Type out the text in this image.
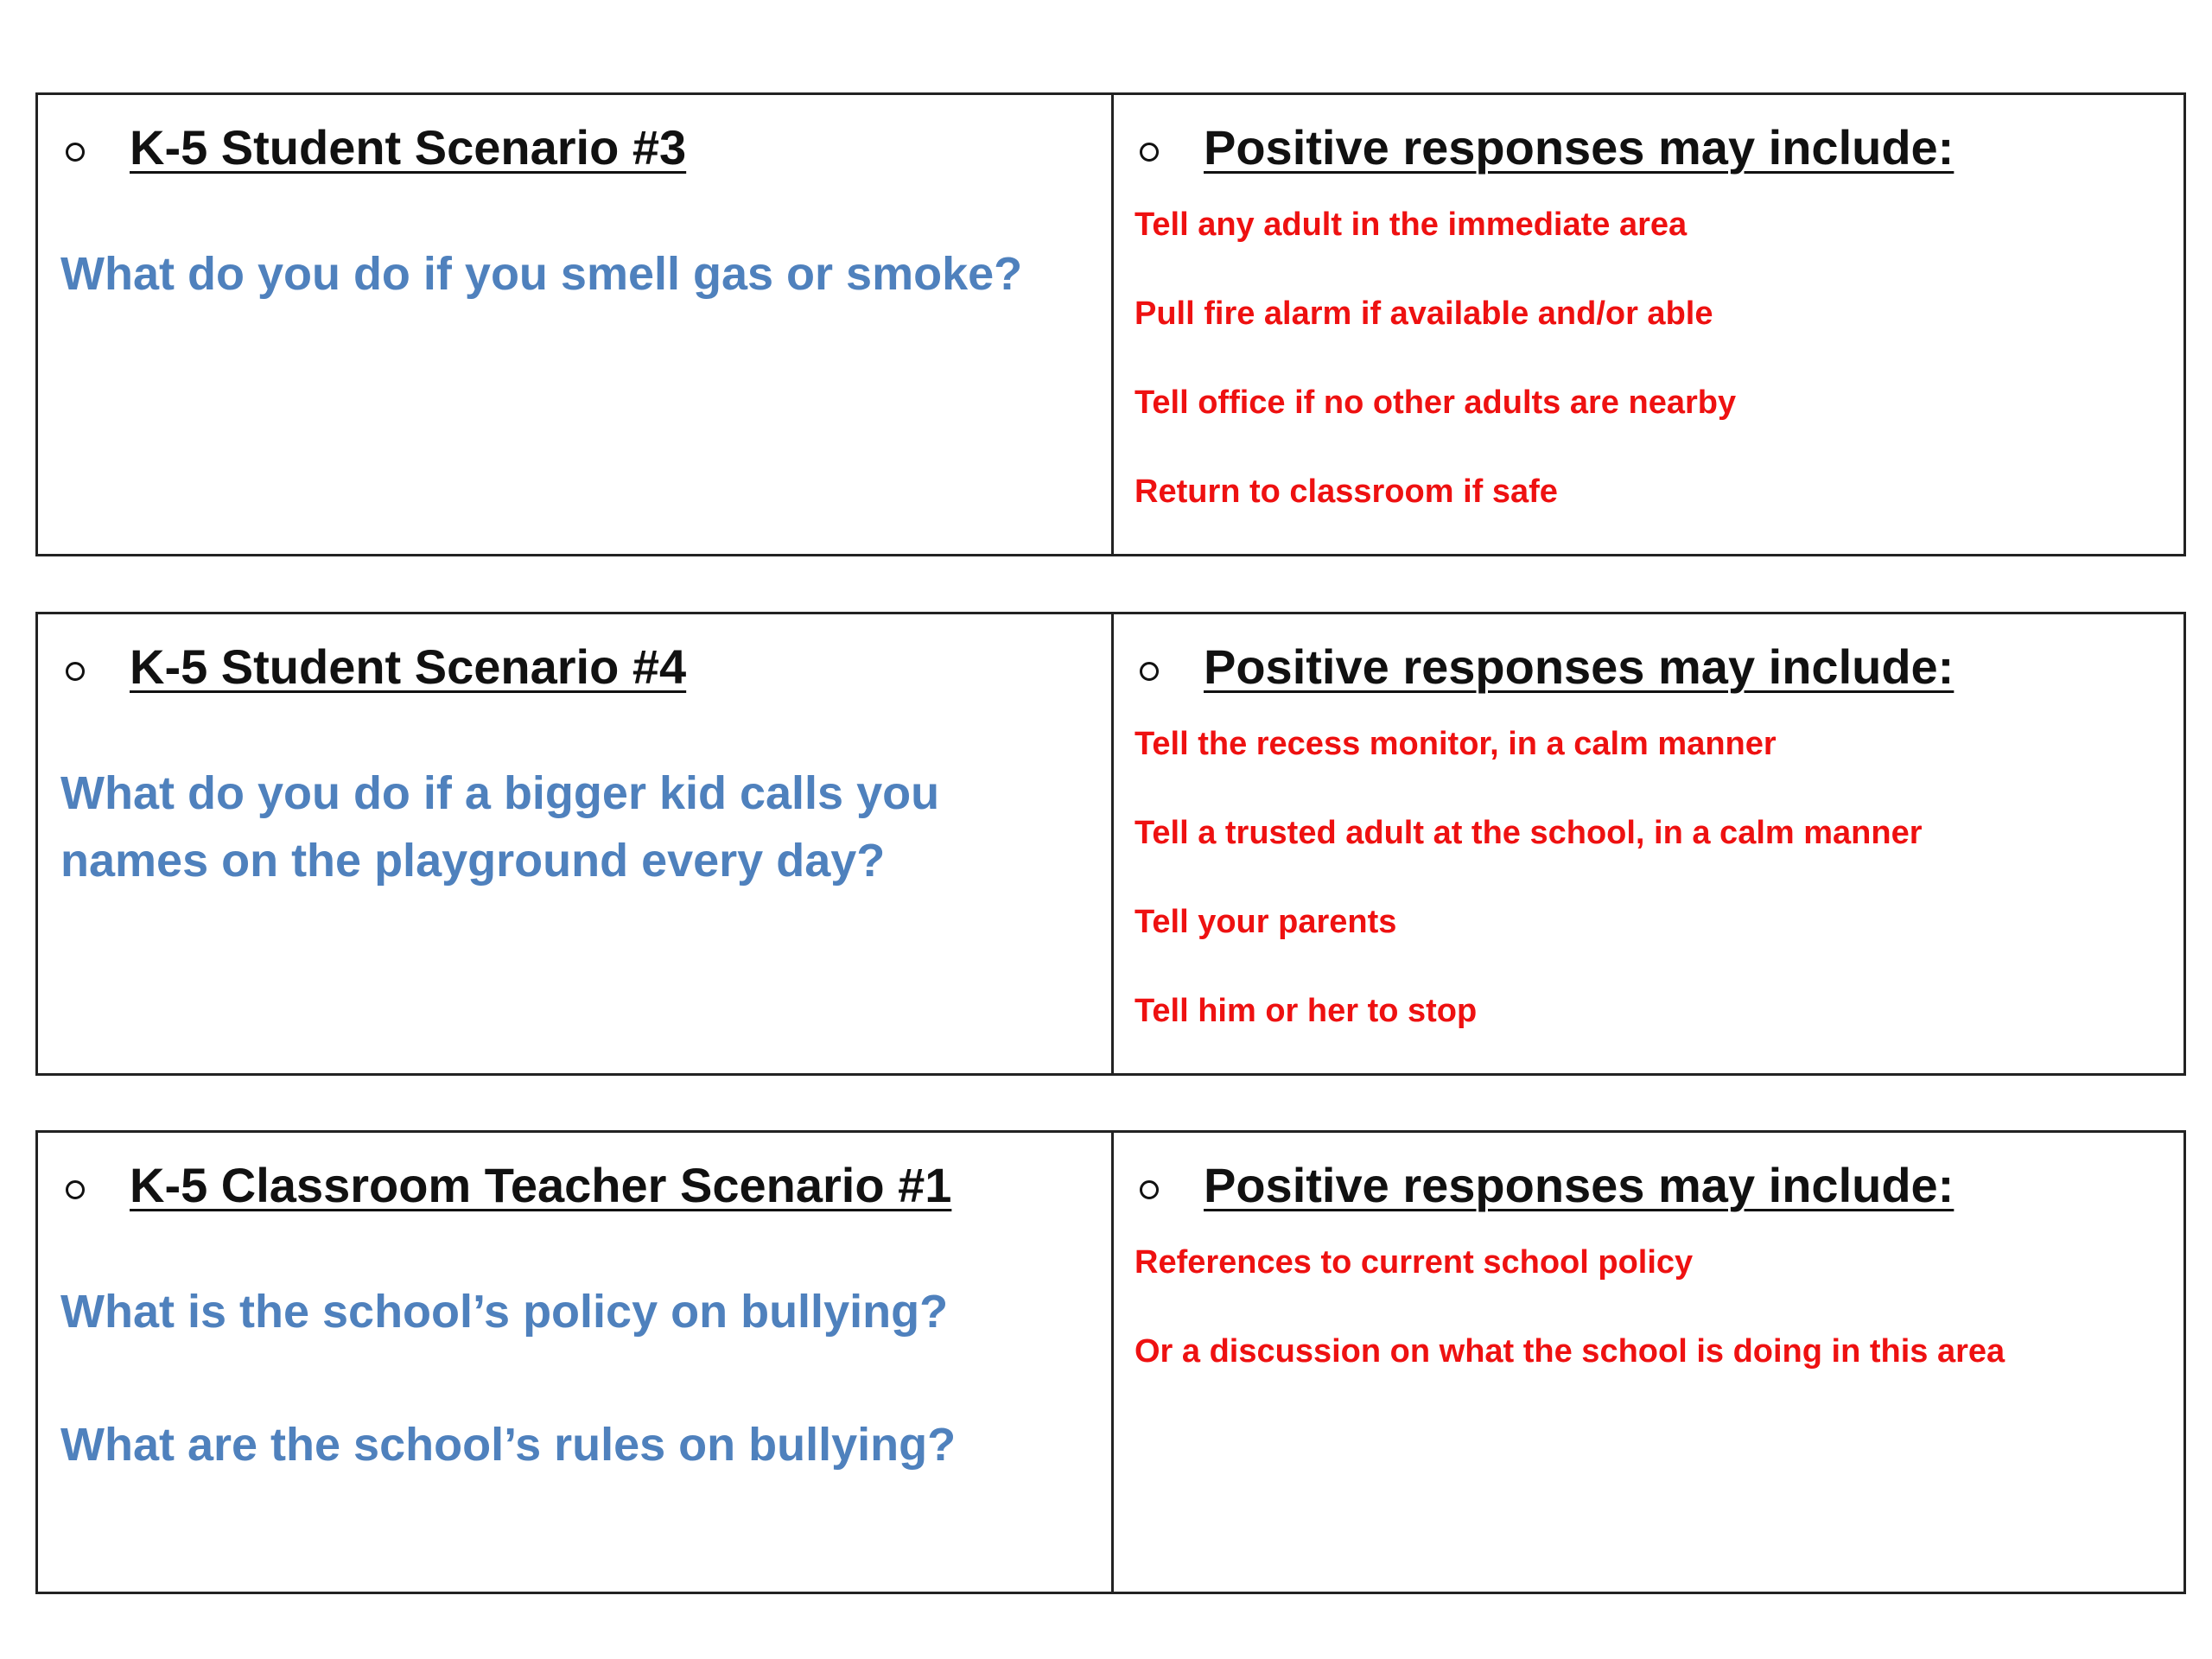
K-5 Student Scenario #3

What do you do if you smell gas or smoke?

Positive responses may include:
Tell any adult in the immediate area
Pull fire alarm if available and/or able
Tell office if no other adults are nearby
Return to classroom if safe
K-5 Student Scenario #4

What do you do if a bigger kid calls you names on the playground every day?

Positive responses may include:
Tell the recess monitor, in a calm manner
Tell a trusted adult at the school, in a calm manner
Tell your parents
Tell him or her to stop
K-5 Classroom Teacher Scenario #1

What is the school’s policy on bullying?

What are the school’s rules on bullying?

Positive responses may include:
References to current school policy
Or a discussion on what the school is doing in this area
